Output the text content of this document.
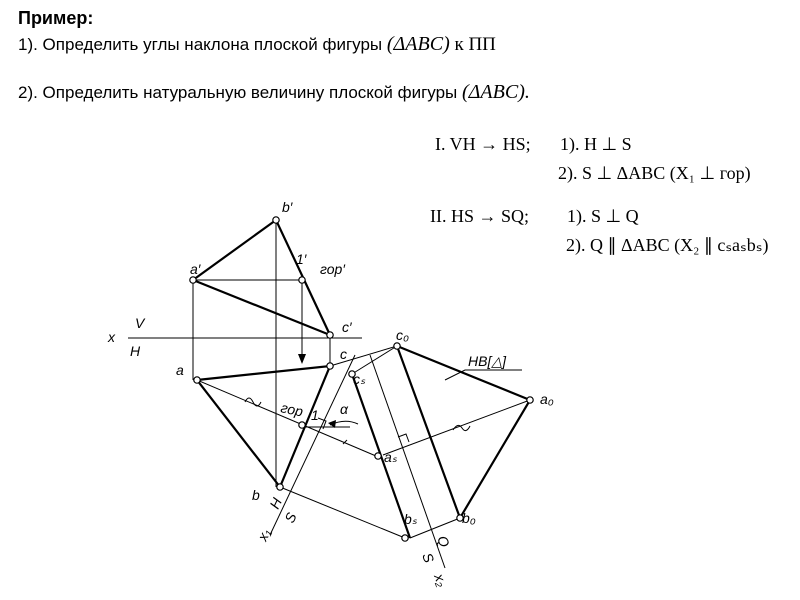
Пример:
1). Определить углы наклона плоской фигуры (ΔABC) к ПП
2). Определить натуральную величину плоской фигуры (ΔABC).
I. VH → HS; 1). H ⊥ S
2). S ⊥ ΔABC (X₁ ⊥ гор)
II. HS → SQ; 1). S ⊥ Q
2). Q ∥ ΔABC (X₂ ∥ cₛaₛbₛ)
b′
1′
гор′
a′
c′
x
V
H
a
c
cₛ
c₀
НВ[△]
a₀
гор 1 α
aₛ
b
H
S
x₁
bₛ	b₀
S
Q
x₂
